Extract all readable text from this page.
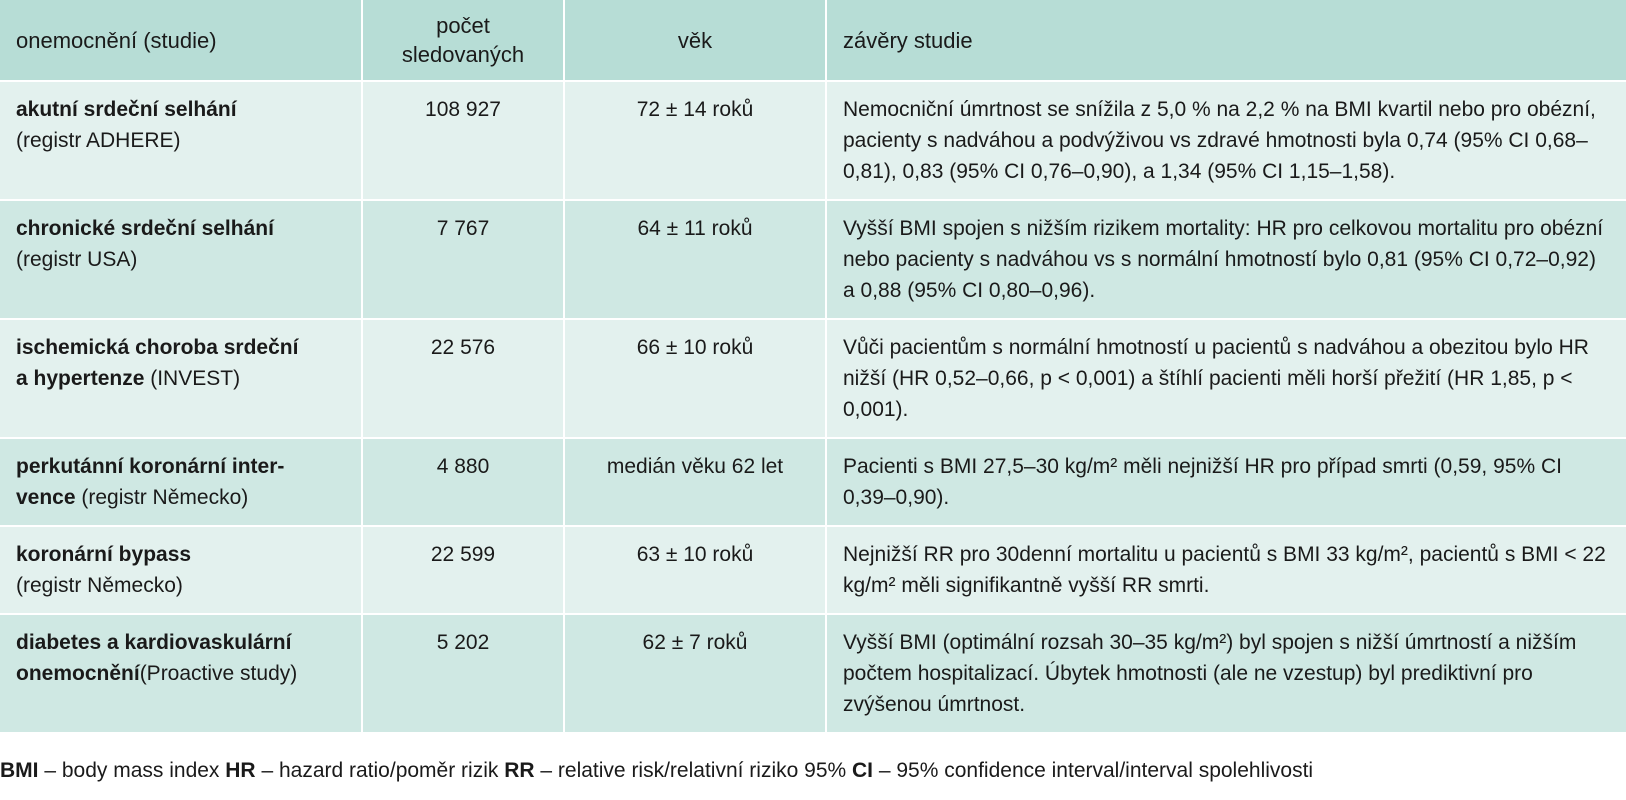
onemocnění (studie)	počet
sledovaných	věk	závěry studie

akutní srdeční selhání
(registr ADHERE)	108 927	72 ± 14 roků	Nemocniční úmrtnost se snížila z 5,0 % na 2,2 % na BMI kvartil nebo pro obézní, pacienty s nadváhou a podvýživou vs zdravé hmotnosti byla 0,74 (95% CI 0,68–0,81), 0,83 (95% CI 0,76–0,90), a 1,34 (95% CI 1,15–1,58).

chronické srdeční selhání
(registr USA)	7 767	64 ± 11 roků	Vyšší BMI spojen s nižším rizikem mortality: HR pro celkovou mortalitu pro obézní nebo pacienty s nadváhou vs s normální hmotností bylo 0,81 (95% CI 0,72–0,92) a 0,88 (95% CI 0,80–0,96).

ischemická choroba srdeční
a hypertenze (INVEST)	22 576	66 ± 10 roků	Vůči pacientům s normální hmotností u pacientů s nadváhou a obezitou bylo HR nižší (HR 0,52–0,66, p < 0,001) a štíhlí pacienti měli horší přežití (HR 1,85, p < 0,001).

perkutánní koronární inter-
vence (registr Německo)	4 880	medián věku 62 let	Pacienti s BMI 27,5–30 kg/m² měli nejnižší HR pro případ smrti (0,59, 95% CI 0,39–0,90).

koronární bypass
(registr Německo)	22 599	63 ± 10 roků	Nejnižší RR pro 30denní mortalitu u pacientů s BMI 33 kg/m², pacientů s BMI < 22 kg/m² měli signifikantně vyšší RR smrti.

diabetes a kardiovaskulární
onemocnění(Proactive study)	5 202	62 ± 7 roků	Vyšší BMI (optimální rozsah 30–35 kg/m²) byl spojen s nižší úmrtností a nižším počtem hospitalizací. Úbytek hmotnosti (ale ne vzestup) byl prediktivní pro zvýšenou úmrtnost.
BMI – body mass index HR – hazard ratio/poměr rizik RR – relative risk/relativní riziko 95% CI – 95% confidence interval/interval spolehlivosti
